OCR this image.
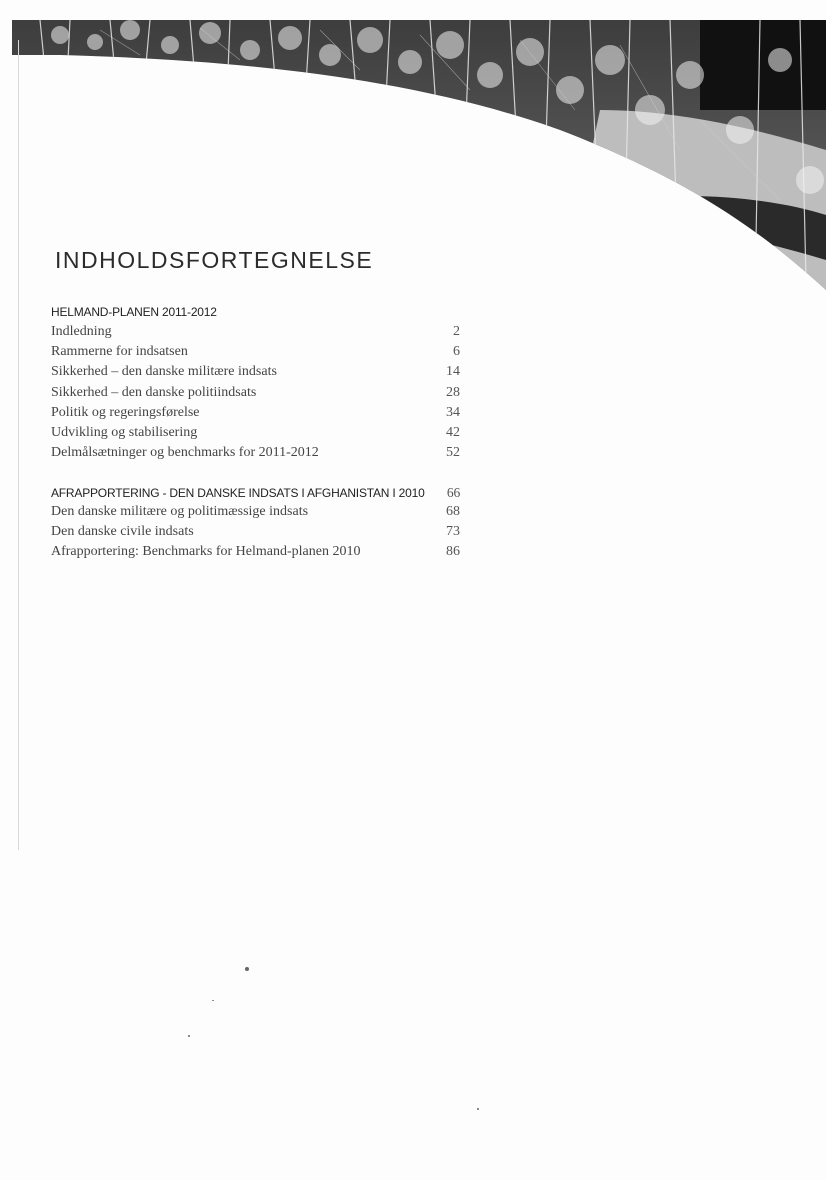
INDHOLDSFORTEGNELSE
HELMAND-PLANEN 2011-2012
Indledning	2
Rammerne for indsatsen	6
Sikkerhed – den danske militære indsats	14
Sikkerhed – den danske politiindsats	28
Politik og regeringsførelse	34
Udvikling og stabilisering	42
Delmålsætninger og benchmarks for 2011-2012	52
AFRAPPORTERING - DEN DANSKE INDSATS I AFGHANISTAN I 2010 66
Den danske militære og politimæssige indsats	68
Den danske civile indsats	73
Afrapportering: Benchmarks for Helmand-planen 2010	86
